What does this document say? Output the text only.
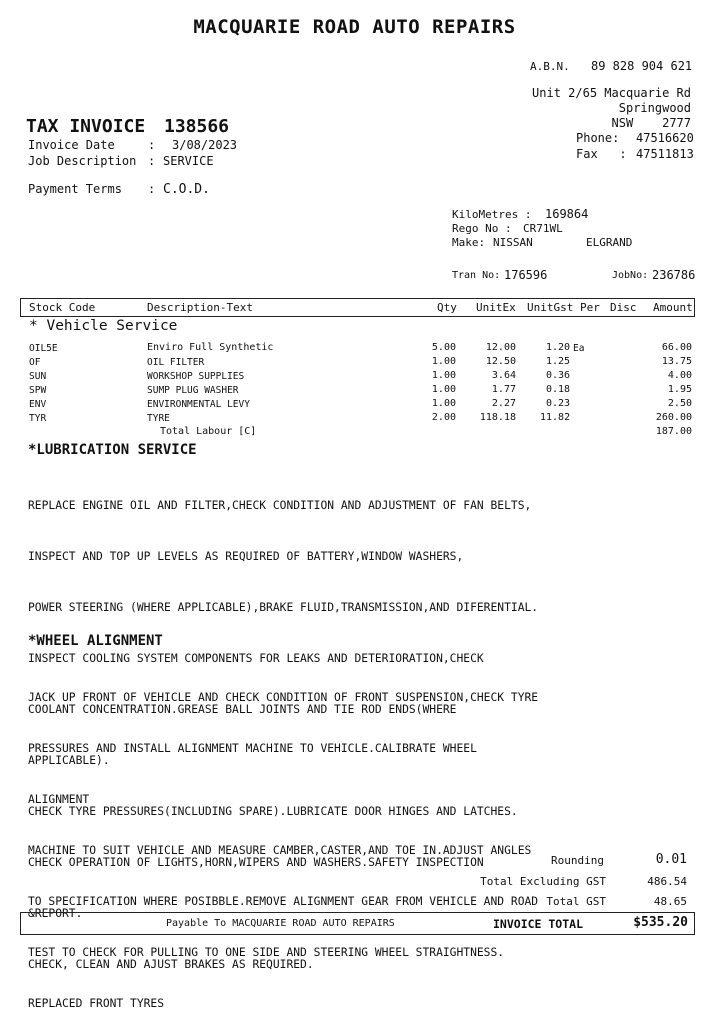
MACQUARIE ROAD AUTO REPAIRS
A.B.N. 89 828 904 621
Unit 2/65 Macquarie Rd
Springwood
NSW    2777
Phone: 47516620
Fax   : 47511813
TAX INVOICE 138566
Invoice Date	: 3/08/2023
Job Description : SERVICE
Payment Terms : C.O.D.
KiloMetres : 169864
Rego No : CR71WL
Make: NISSAN	ELGRAND
Tran No: 176596	JobNo: 236786
Stock Code	Description-Text	Qty UnitEx UnitGst Per Disc Amount
* Vehicle Service
OIL5E	Enviro Full Synthetic	5.00	12.00	1.20 Ea	66.00
OF	OIL FILTER	1.00	12.50	1.25	13.75
SUN	WORKSHOP SUPPLIES	1.00	3.64	0.36	4.00
SPW	SUMP PLUG WASHER	1.00	1.77	0.18	1.95
ENV	ENVIRONMENTAL LEVY	1.00	2.27	0.23	2.50
TYR	TYRE	2.00 118.18 11.82	260.00
Total Labour [C]	187.00
*LUBRICATION SERVICE

REPLACE ENGINE OIL AND FILTER,CHECK CONDITION AND ADJUSTMENT OF FAN BELTS,

INSPECT AND TOP UP LEVELS AS REQUIRED OF BATTERY,WINDOW WASHERS,

POWER STEERING (WHERE APPLICABLE),BRAKE FLUID,TRANSMISSION,AND DIFERENTIAL.

INSPECT COOLING SYSTEM COMPONENTS FOR LEAKS AND DETERIORATION,CHECK

COOLANT CONCENTRATION.GREASE BALL JOINTS AND TIE ROD ENDS(WHERE

APPLICABLE).

CHECK TYRE PRESSURES(INCLUDING SPARE).LUBRICATE DOOR HINGES AND LATCHES.

CHECK OPERATION OF LIGHTS,HORN,WIPERS AND WASHERS.SAFETY INSPECTION

&REPORT.

CHECK, CLEAN AND AJUST BRAKES AS REQUIRED.

*WHEEL ALIGNMENT

JACK UP FRONT OF VEHICLE AND CHECK CONDITION OF FRONT SUSPENSION,CHECK TYRE

PRESSURES AND INSTALL ALIGNMENT MACHINE TO VEHICLE.CALIBRATE WHEEL

ALIGNMENT

MACHINE TO SUIT VEHICLE AND MEASURE CAMBER,CASTER,AND TOE IN.ADJUST ANGLES

TO SPECIFICATION WHERE POSIBBLE.REMOVE ALIGNMENT GEAR FROM VEHICLE AND ROAD

TEST TO CHECK FOR PULLING TO ONE SIDE AND STEERING WHEEL STRAIGHTNESS.

REPLACED FRONT TYRES

Rounding	0.01
Total Excluding GST	486.54
Total GST	48.65
Payable To MACQUARIE ROAD AUTO REPAIRS	INVOICE TOTAL	$535.20
